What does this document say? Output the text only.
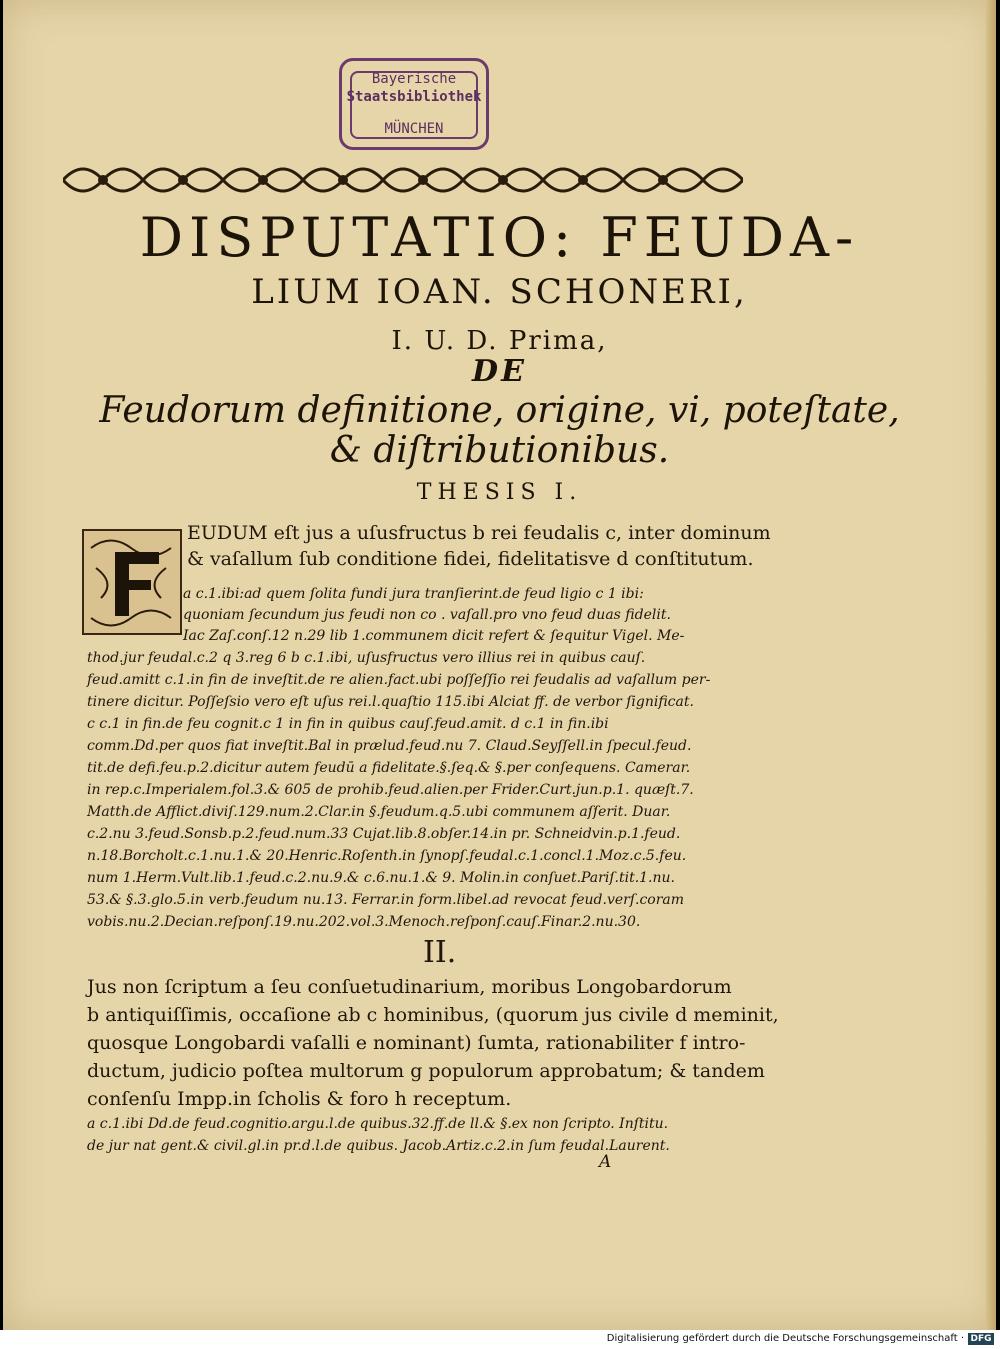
Bayerische
Staatsbibliothek
MÜNCHEN
DISPUTATIO: FEUDA-
LIUM IOAN. SCHONERI,
I. U. D. Prima,
DE
Feudorum definitione, origine, vi, poteſtate,
& diſtributionibus.
THESIS I.
EUDUM eſt jus a uſusfructus b rei feudalis c, inter dominum
& vaſallum ſub conditione fidei, fidelitatisve d conſtitutum.
a c.1.ibi:ad quem ſolita fundi jura tranſierint.de feud ligio c 1 ibi:
quoniam ſecundum jus feudi non co . vaſall.pro vno feud duas fidelit.
Iac Zaſ.conſ.12 n.29 lib 1.communem dicit refert & ſequitur Vigel. Me-
thod.jur feudal.c.2 q 3.reg 6 b c.1.ibi, uſusfructus vero illius rei in quibus cauſ.
feud.amitt c.1.in fin de inveſtit.de re alien.fact.ubi poſſeſſio rei feudalis ad vaſallum per-
tinere dicitur. Poſſeſsio vero eſt uſus rei.l.quaſtio 115.ibi Alciat ff. de verbor ſignificat.
c c.1 in fin.de feu cognit.c 1 in fin in quibus cauſ.feud.amit. d c.1 in fin.ibi
comm.Dd.per quos fiat inveſtit.Bal in prælud.feud.nu 7. Claud.Seyſſell.in ſpecul.feud.
tit.de defi.feu.p.2.dicitur autem feudū a fidelitate.§.ſeq.& §.per conſequens. Camerar.
in rep.c.Imperialem.fol.3.& 605 de prohib.feud.alien.per Frider.Curt.jun.p.1. quæſt.7.
Matth.de Afflict.diviſ.129.num.2.Clar.in §.feudum.q.5.ubi communem aſſerit. Duar.
c.2.nu 3.feud.Sonsb.p.2.feud.num.33 Cujat.lib.8.obſer.14.in pr. Schneidvin.p.1.feud.
n.18.Borcholt.c.1.nu.1.& 20.Henric.Roſenth.in ſynopſ.feudal.c.1.concl.1.Moz.c.5.feu.
num 1.Herm.Vult.lib.1.feud.c.2.nu.9.& c.6.nu.1.& 9. Molin.in conſuet.Pariſ.tit.1.nu.
53.& §.3.glo.5.in verb.feudum nu.13. Ferrar.in form.libel.ad revocat feud.verſ.coram
vobis.nu.2.Decian.reſponſ.19.nu.202.vol.3.Menoch.reſponſ.cauſ.Finar.2.nu.30.
II.
Jus non ſcriptum a ſeu conſuetudinarium, moribus Longobardorum
b antiquiſſimis, occaſione ab c hominibus, (quorum jus civile d meminit,
quosque Longobardi vaſalli e nominant) ſumta, rationabiliter f intro-
ductum, judicio poſtea multorum g populorum approbatum; & tandem
conſenſu Impp.in ſcholis & foro h receptum.
a c.1.ibi Dd.de feud.cognitio.argu.l.de quibus.32.ff.de ll.& §.ex non ſcripto. Inſtitu.
de jur nat gent.& civil.gl.in pr.d.l.de quibus. Jacob.Artiz.c.2.in ſum feudal.Laurent.
A
Digitalisierung gefördert durch die Deutsche Forschungsgemeinschaft · DFG
